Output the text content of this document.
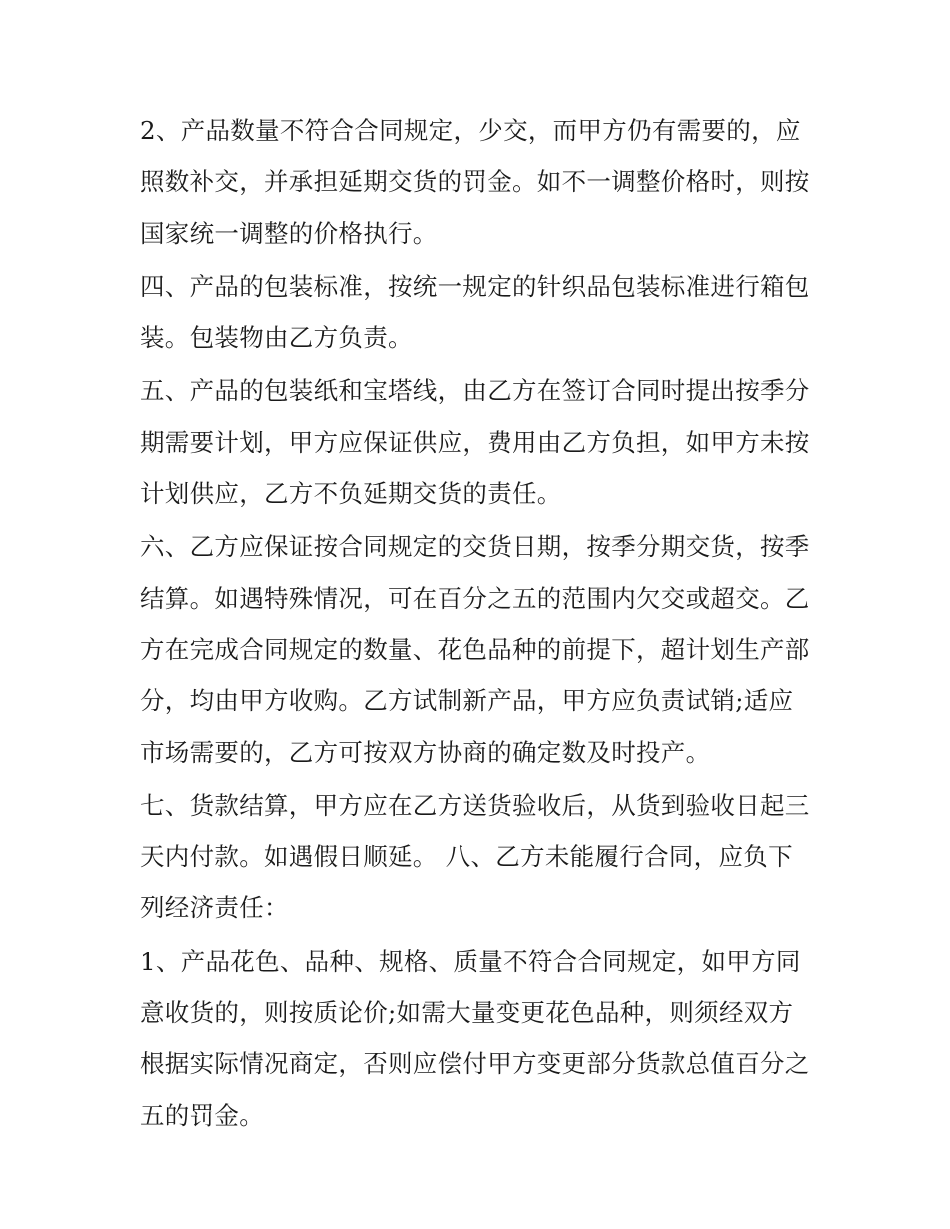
2、产品数量不符合合同规定，少交，而甲方仍有需要的，应
照数补交，并承担延期交货的罚金。如不一调整价格时，则按
国家统一调整的价格执行。

四、产品的包装标准，按统一规定的针织品包装标准进行箱包
装。包装物由乙方负责。

五、产品的包装纸和宝塔线，由乙方在签订合同时提出按季分
期需要计划，甲方应保证供应，费用由乙方负担，如甲方未按
计划供应，乙方不负延期交货的责任。

六、乙方应保证按合同规定的交货日期，按季分期交货，按季
结算。如遇特殊情况，可在百分之五的范围内欠交或超交。乙
方在完成合同规定的数量、花色品种的前提下，超计划生产部
分，均由甲方收购。乙方试制新产品，甲方应负责试销;适应
市场需要的，乙方可按双方协商的确定数及时投产。

七、货款结算，甲方应在乙方送货验收后，从货到验收日起三
天内付款。如遇假日顺延。 八、乙方未能履行合同，应负下
列经济责任：

1、产品花色、品种、规格、质量不符合合同规定，如甲方同
意收货的，则按质论价;如需大量变更花色品种，则须经双方
根据实际情况商定，否则应偿付甲方变更部分货款总值百分之
五的罚金。
